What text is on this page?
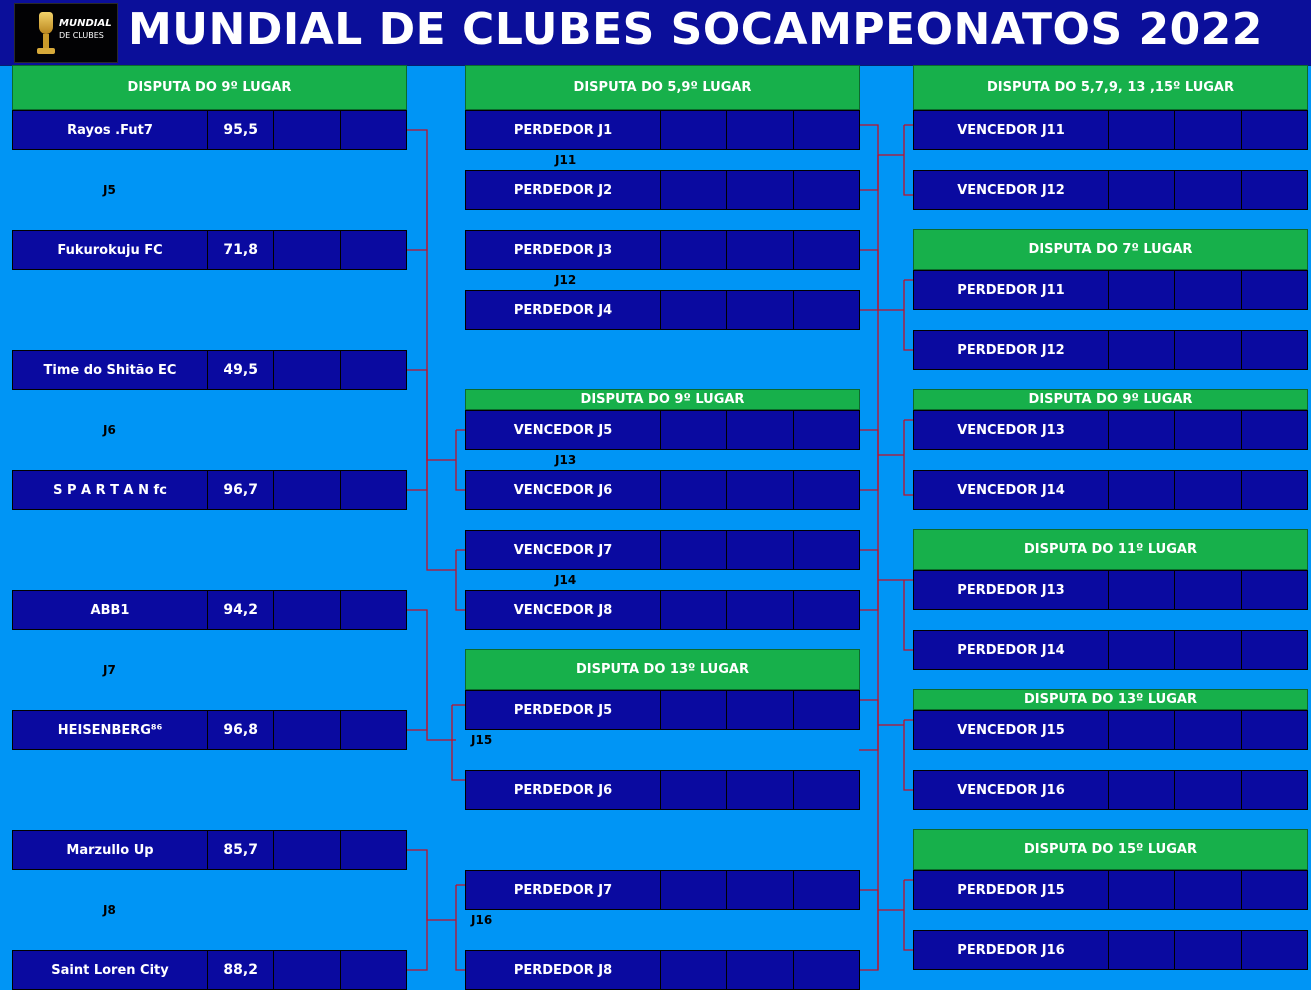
MUNDIAL
DE CLUBES MUNDIAL DE CLUBES SOCAMPEONATOS 2022
DISPUTA DO 9º LUGAR
Rayos .Fut7	95,5
Fukurokuju FC	71,8
Time do Shitão EC	49,5
S P A R T A N fc	96,7
ABB1	94,2
HEISENBERG⁸⁶	96,8
Marzullo Up	85,7
Saint Loren City	88,2
DISPUTA DO 5,9º LUGAR
DISPUTA DO 9º LUGAR
DISPUTA DO 13º LUGAR
PERDEDOR J1
PERDEDOR J2
PERDEDOR J3
PERDEDOR J4
VENCEDOR J5
VENCEDOR J6
VENCEDOR J7
VENCEDOR J8
PERDEDOR J5
PERDEDOR J6
PERDEDOR J7
PERDEDOR J8
DISPUTA DO 5,7,9, 13 ,15º LUGAR
DISPUTA DO 7º LUGAR
DISPUTA DO 9º LUGAR
DISPUTA DO 11º LUGAR
DISPUTA DO 13º LUGAR
DISPUTA DO 15º LUGAR
VENCEDOR J11
VENCEDOR J12
PERDEDOR J11
PERDEDOR J12
VENCEDOR J13
VENCEDOR J14
PERDEDOR J13
PERDEDOR J14
VENCEDOR J15
VENCEDOR J16
PERDEDOR J15
PERDEDOR J16
J5
J6
J7
J8
J11
J12
J13
J14
J15
J16
